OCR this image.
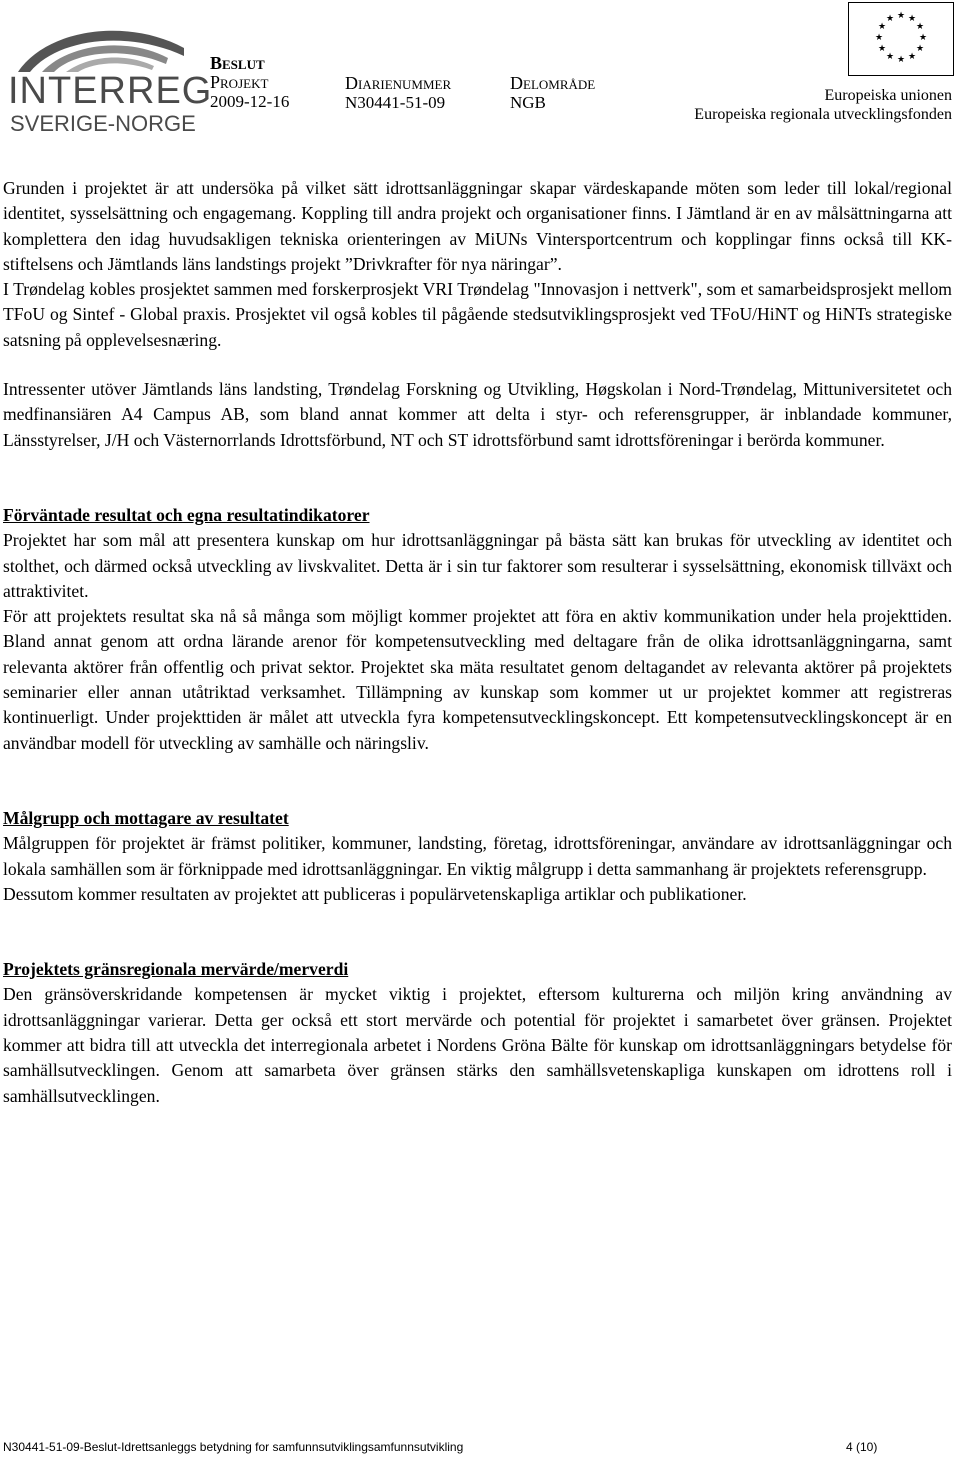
INTERREG
SVERIGE-NORGE
Beslut
Projekt
2009-12-16
Diarienummer
N30441-51-09
Delområde
NGB
★ ★
★
★
★
★
★
★
★
★
★
★
Europeiska unionen
Europeiska regionala utvecklingsfonden

Grunden i projektet är att undersöka på vilket sätt idrottsanläggningar skapar värdeskapande möten som leder till lokal/regional identitet, sysselsättning och engagemang. Koppling till andra projekt och organisationer finns. I Jämtland är en av målsättningarna att komplettera den idag huvudsakligen tekniska orienteringen av MiUNs Vintersportcentrum och kopplingar finns också till KK-stiftelsens och Jämtlands läns landstings projekt ”Drivkrafter för nya näringar”.

I Trøndelag kobles prosjektet sammen med forskerprosjekt VRI Trøndelag "Innovasjon i nettverk", som et samarbeidsprosjekt mellom TFoU og Sintef - Global praxis. Prosjektet vil også kobles til pågående stedsutviklingsprosjekt ved TFoU/HiNT og HiNTs strategiske satsning på opplevelsesnæring.

Intressenter utöver Jämtlands läns landsting, Trøndelag Forskning og Utvikling, Høgskolan i Nord-Trøndelag, Mittuniversitetet och medfinansiären A4 Campus AB, som bland annat kommer att delta i styr- och referensgrupper, är inblandade kommuner, Länsstyrelser, J/H och Västernorrlands Idrottsförbund, NT och ST idrottsförbund samt idrottsföreningar i berörda kommuner.

Förväntade resultat och egna resultatindikatorer

Projektet har som mål att presentera kunskap om hur idrottsanläggningar på bästa sätt kan brukas för utveckling av identitet och stolthet, och därmed också utveckling av livskvalitet. Detta är i sin tur faktorer som resulterar i sysselsättning, ekonomisk tillväxt och attraktivitet.

För att projektets resultat ska nå så många som möjligt kommer projektet att föra en aktiv kommunikation under hela projekttiden. Bland annat genom att ordna lärande arenor för kompetensutveckling med deltagare från de olika idrottsanläggningarna, samt relevanta aktörer från offentlig och privat sektor. Projektet ska mäta resultatet genom deltagandet av relevanta aktörer på projektets seminarier eller annan utåtriktad verksamhet. Tillämpning av kunskap som kommer ut ur projektet kommer att registreras kontinuerligt. Under projekttiden är målet att utveckla fyra kompetensutvecklingskoncept. Ett kompetensutvecklingskoncept är en användbar modell för utveckling av samhälle och näringsliv.

Målgrupp och mottagare av resultatet

Målgruppen för projektet är främst politiker, kommuner, landsting, företag, idrottsföreningar, användare av idrottsanläggningar och lokala samhällen som är förknippade med idrottsanläggningar. En viktig målgrupp i detta sammanhang är projektets referensgrupp.

Dessutom kommer resultaten av projektet att publiceras i populärvetenskapliga artiklar och publikationer.

Projektets gränsregionala mervärde/merverdi

Den gränsöverskridande kompetensen är mycket viktig i projektet, eftersom kulturerna och miljön kring användning av idrottsanläggningar varierar. Detta ger också ett stort mervärde och potential för projektet i samarbetet över gränsen. Projektet kommer att bidra till att utveckla det interregionala arbetet i Nordens Gröna Bälte för kunskap om idrottsanläggningars betydelse för samhällsutvecklingen. Genom att samarbeta över gränsen stärks den samhällsvetenskapliga kunskapen om idrottens roll i samhällsutvecklingen.

N30441-51-09-Beslut-Idrettsanleggs betydning for samfunnsutviklingsamfunnsutvikling	4 (10)
